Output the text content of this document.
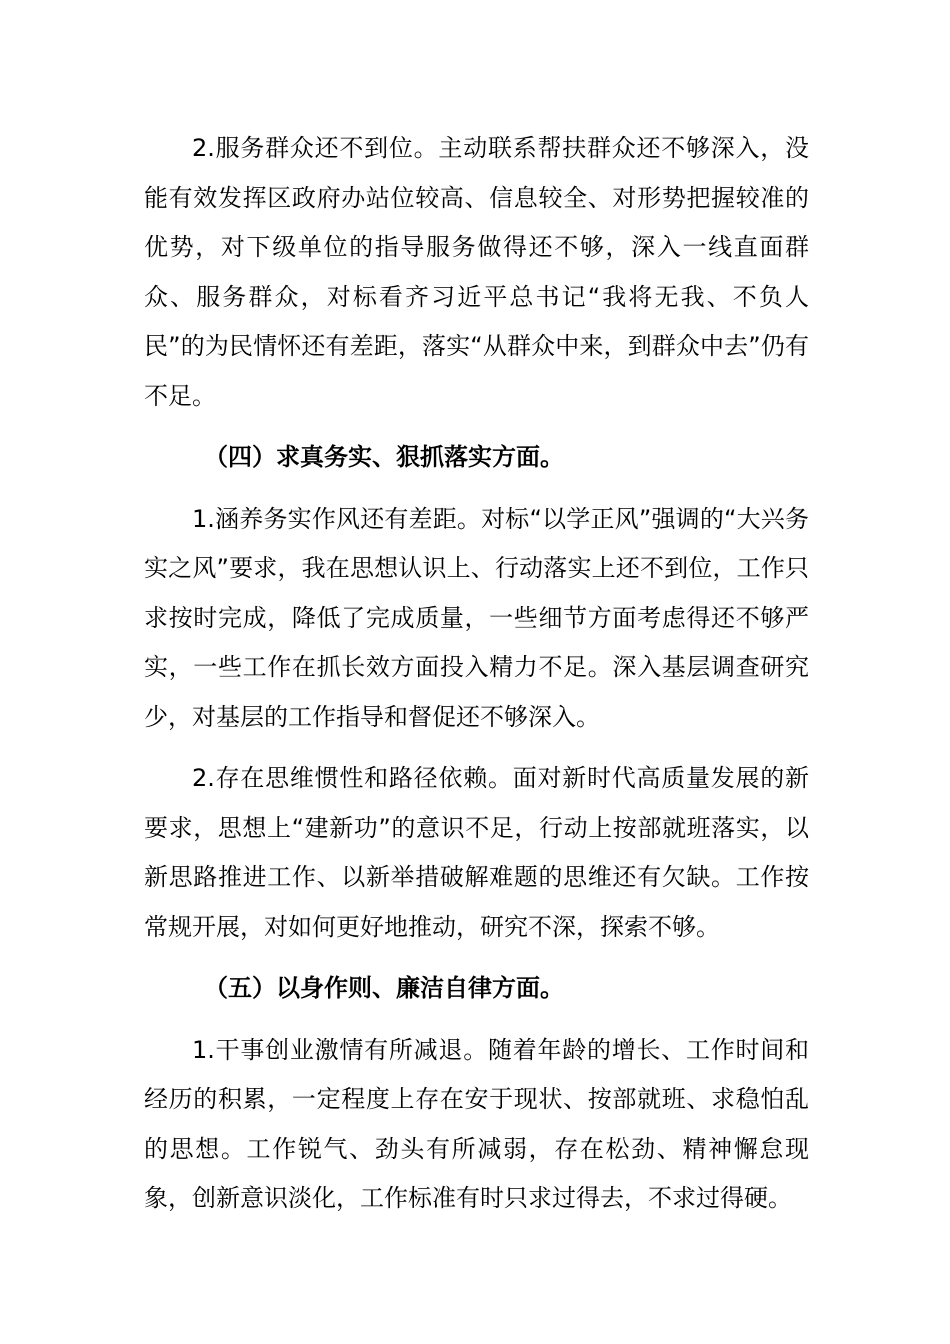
2.服务群众还不到位。主动联系帮扶群众还不够深入，没能有效发挥区政府办站位较高、信息较全、对形势把握较准的优势，对下级单位的指导服务做得还不够，深入一线直面群众、服务群众，对标看齐习近平总书记“我将无我、不负人民”的为民情怀还有差距，落实“从群众中来，到群众中去”仍有不足。

（四）求真务实、狠抓落实方面。

1.涵养务实作风还有差距。对标“以学正风”强调的“大兴务实之风”要求，我在思想认识上、行动落实上还不到位，工作只求按时完成，降低了完成质量，一些细节方面考虑得还不够严实，一些工作在抓长效方面投入精力不足。深入基层调查研究少，对基层的工作指导和督促还不够深入。

2.存在思维惯性和路径依赖。面对新时代高质量发展的新要求，思想上“建新功”的意识不足，行动上按部就班落实，以新思路推进工作、以新举措破解难题的思维还有欠缺。工作按常规开展，对如何更好地推动，研究不深，探索不够。

（五）以身作则、廉洁自律方面。

1.干事创业激情有所减退。随着年龄的增长、工作时间和经历的积累，一定程度上存在安于现状、按部就班、求稳怕乱的思想。工作锐气、劲头有所减弱，存在松劲、精神懈怠现象，创新意识淡化，工作标准有时只求过得去，不求过得硬。
